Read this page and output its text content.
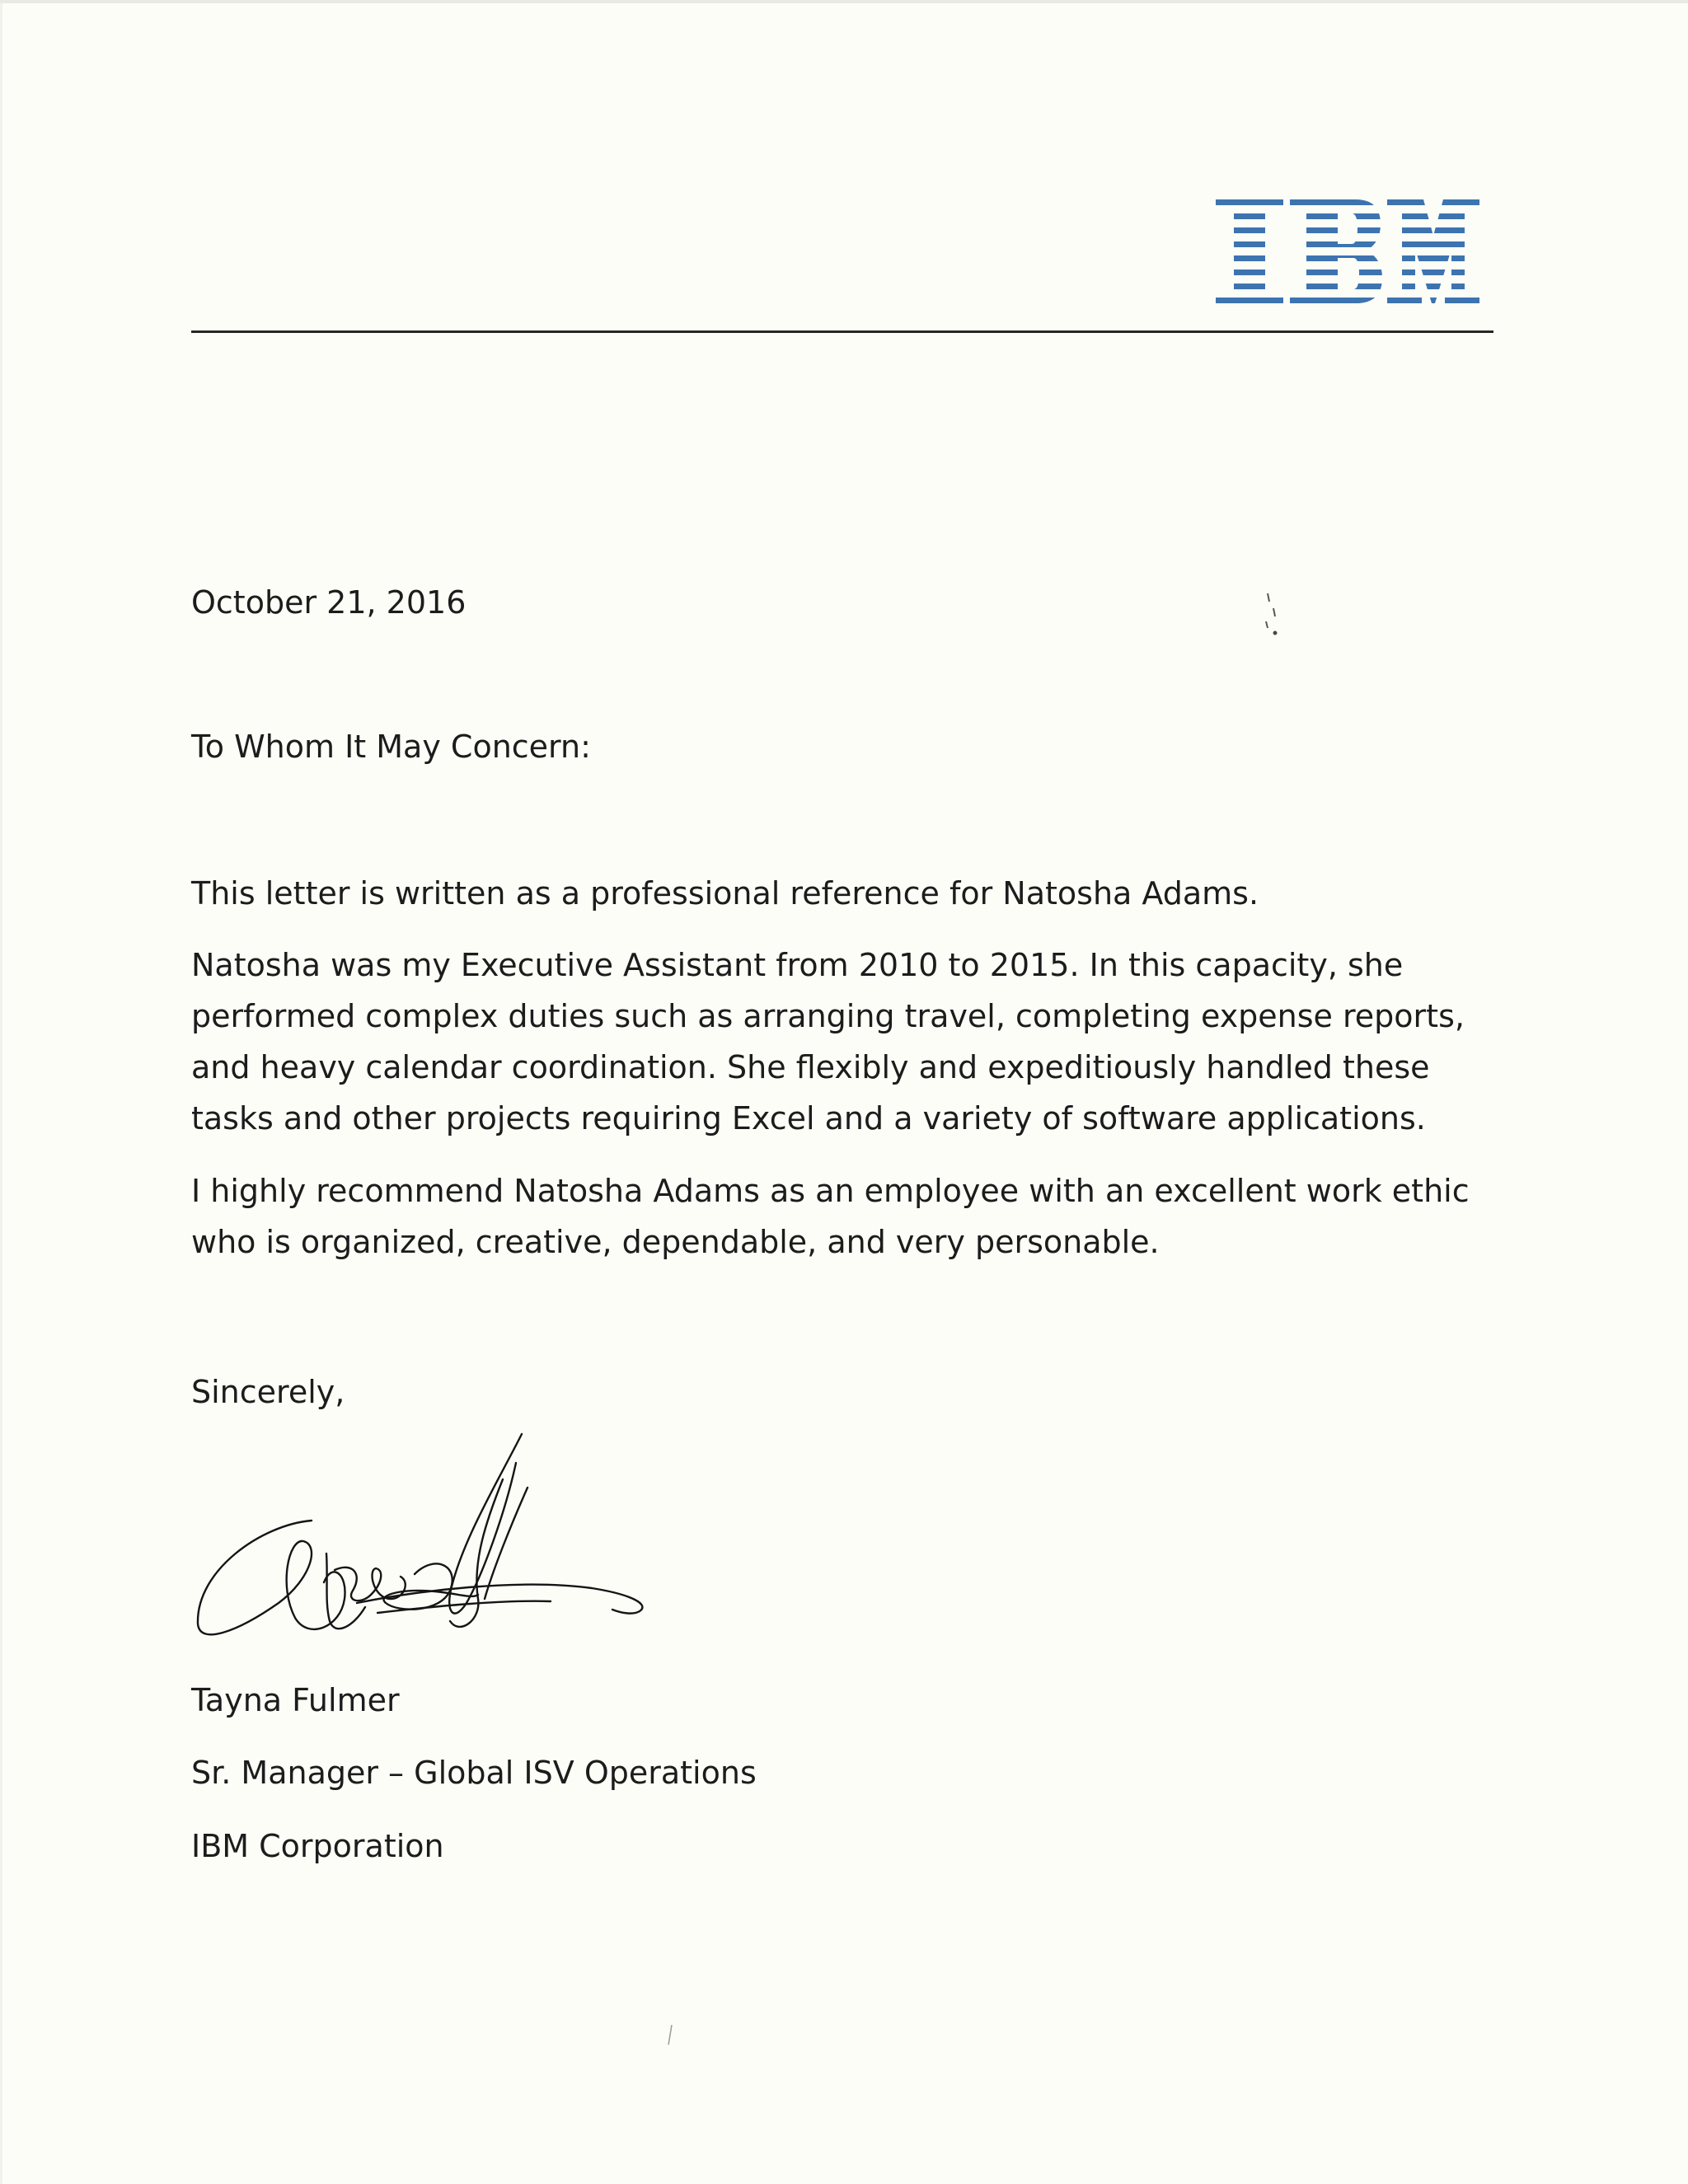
October 21, 2016
To Whom It May Concern:
This letter is written as a professional reference for Natosha Adams.
Natosha was my Executive Assistant from 2010 to 2015. In this capacity, she
performed complex duties such as arranging travel, completing expense reports,
and heavy calendar coordination. She flexibly and expeditiously handled these
tasks and other projects requiring Excel and a variety of software applications.
I highly recommend Natosha Adams as an employee with an excellent work ethic
who is organized, creative, dependable, and very personable.
Sincerely,
Tayna Fulmer
Sr. Manager – Global ISV Operations
IBM Corporation
